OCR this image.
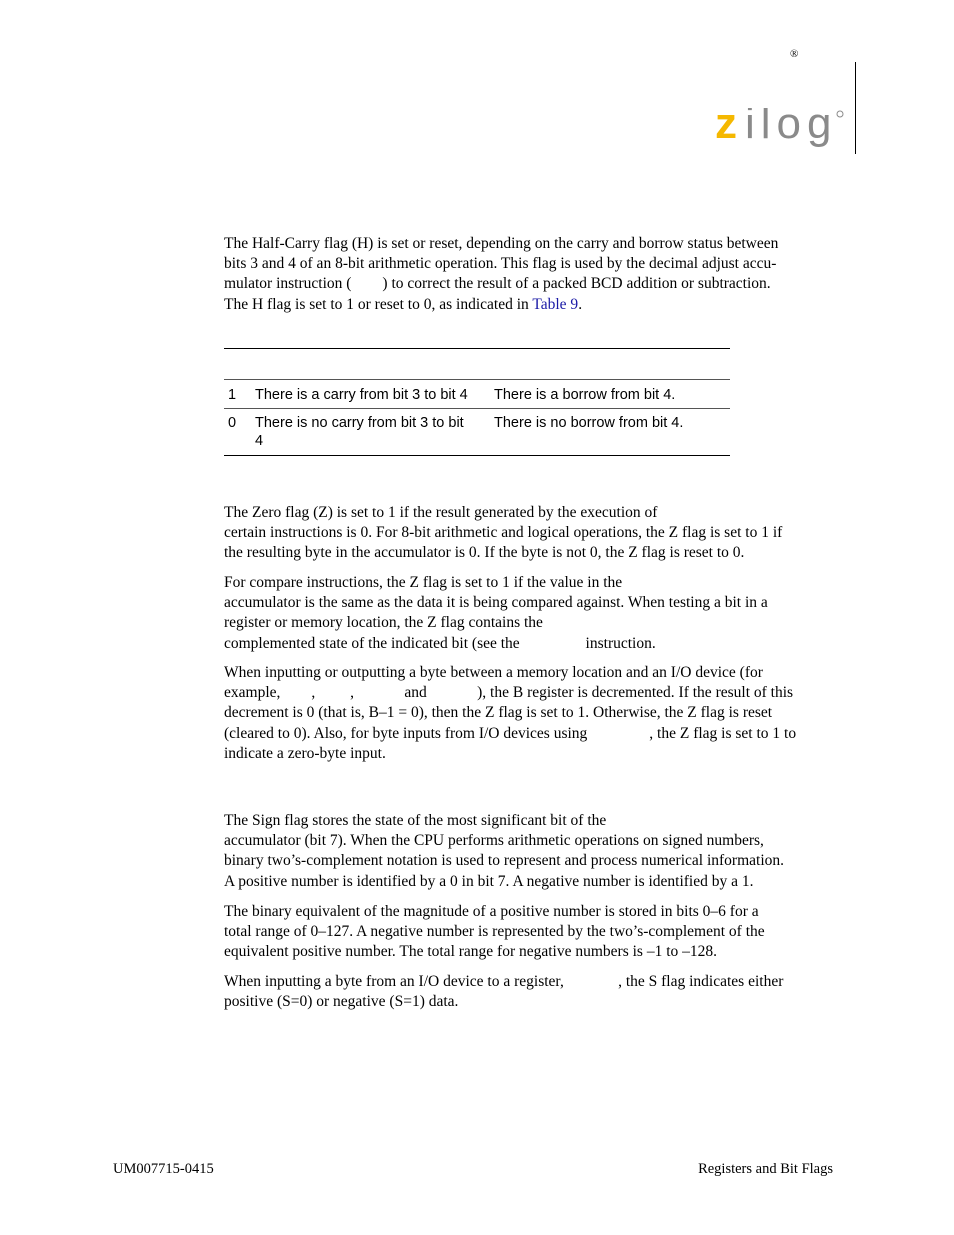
®
z ilog
The Half-Carry flag (H) is set or reset, depending on the carry and borrow status between
bits 3 and 4 of an 8-bit arithmetic operation. This flag is used by the decimal adjust accu-
mulator instruction (        ) to correct the result of a packed BCD addition or subtraction.
The H flag is set to 1 or reset to 0, as indicated in Table 9.
1 There is a carry from bit 3 to bit 4 There is a borrow from bit 4.
0 There is no carry from bit 3 to bit
4
There is no borrow from bit 4.
The Zero flag (Z) is set to 1 if the result generated by the execution of
certain instructions is 0. For 8-bit arithmetic and logical operations, the Z flag is set to 1 if
the resulting byte in the accumulator is 0. If the byte is not 0, the Z flag is reset to 0.
For compare instructions, the Z flag is set to 1 if the value in the
accumulator is the same as the data it is being compared against. When testing a bit in a
register or memory location, the Z flag contains the
complemented state of the indicated bit (see the                 instruction.
When inputting or outputting a byte between a memory location and an I/O device (for
example,        ,         ,             and             ), the B register is decremented. If the result of this
decrement is 0 (that is, B–1 = 0), then the Z flag is set to 1. Otherwise, the Z flag is reset
(cleared to 0). Also, for byte inputs from I/O devices using                , the Z flag is set to 1 to
indicate a zero-byte input.
The Sign flag stores the state of the most significant bit of the
accumulator (bit 7). When the CPU performs arithmetic operations on signed numbers,
binary two’s-complement notation is used to represent and process numerical information.
A positive number is identified by a 0 in bit 7. A negative number is identified by a 1.
The binary equivalent of the magnitude of a positive number is stored in bits 0–6 for a
total range of 0–127. A negative number is represented by the two’s-complement of the
equivalent positive number. The total range for negative numbers is –1 to –128.
When inputting a byte from an I/O device to a register,              , the S flag indicates either
positive (S=0) or negative (S=1) data.
UM007715-0415	Registers and Bit Flags
